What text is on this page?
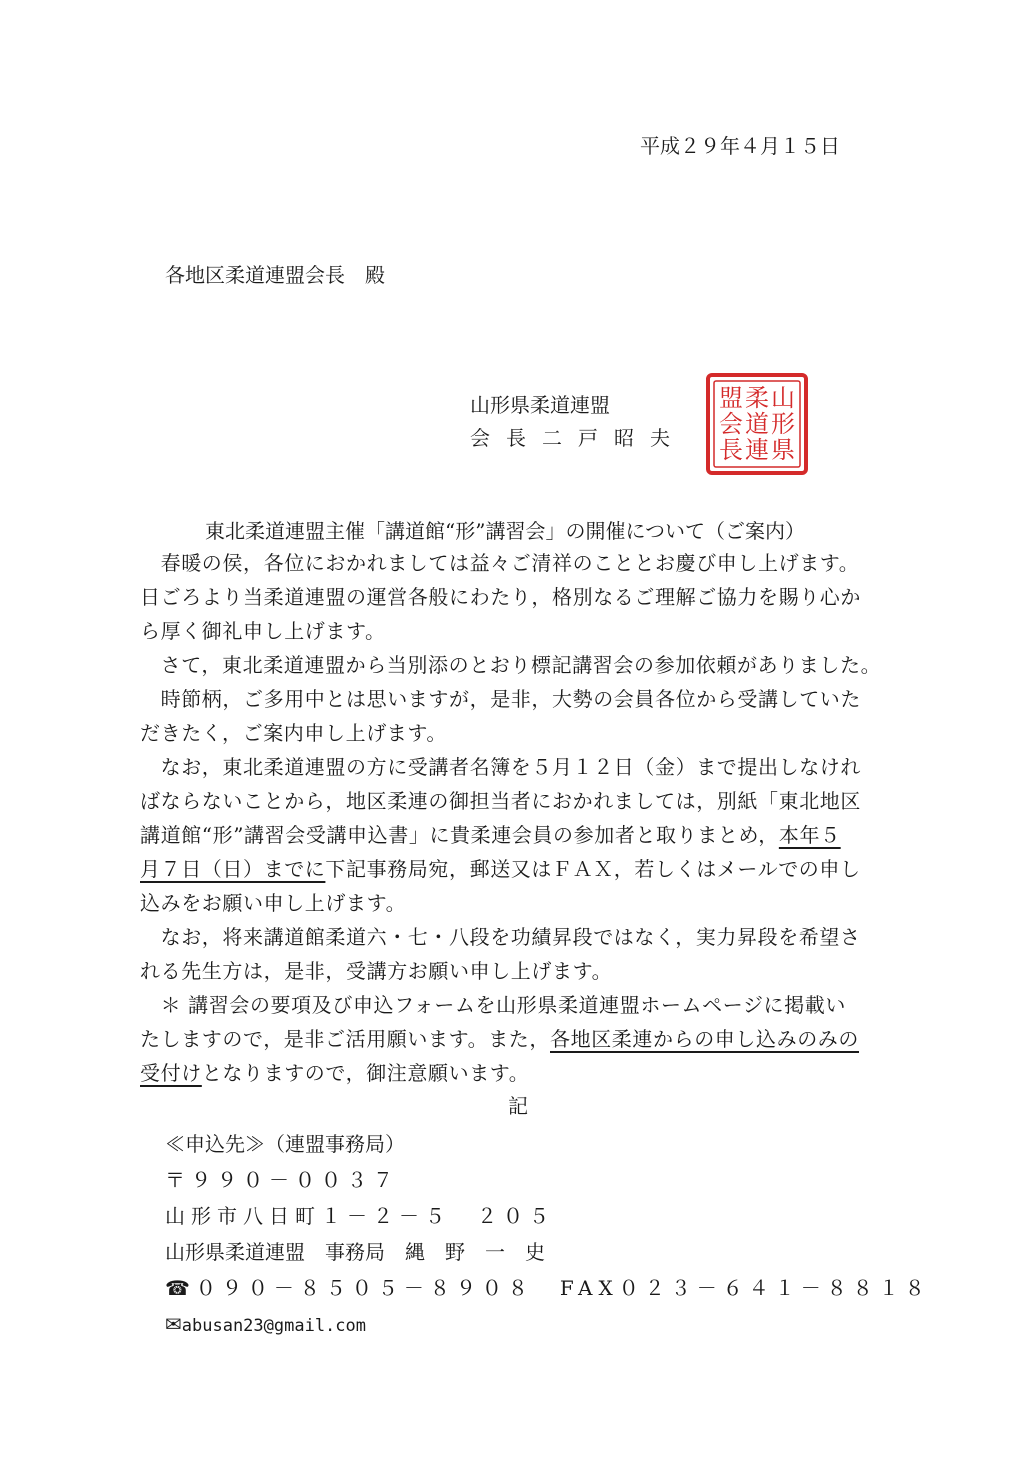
平成２９年４月１５日
各地区柔道連盟会長　殿
山形県柔道連盟
会長二戸昭夫
山
形
県
柔
道
連
盟
会
長
東北柔道連盟主催「講道館“形”講習会」の開催について（ご案内）
　春暖の侯，各位におかれましては益々ご清祥のこととお慶び申し上げます。
日ごろより当柔道連盟の運営各般にわたり，格別なるご理解ご協力を賜り心か
ら厚く御礼申し上げます。
　さて，東北柔道連盟から当別添のとおり標記講習会の参加依頼がありました。
　時節柄，ご多用中とは思いますが，是非，大勢の会員各位から受講していた
だきたく，ご案内申し上げます。
　なお，東北柔道連盟の方に受講者名簿を５月１２日（金）まで提出しなけれ
ばならないことから，地区柔連の御担当者におかれましては，別紙「東北地区
講道館“形”講習会受講申込書」に貴柔連会員の参加者と取りまとめ，本年５
月７日（日）までに下記事務局宛，郵送又はＦＡＸ，若しくはメールでの申し
込みをお願い申し上げます。
　なお，将来講道館柔道六・七・八段を功績昇段ではなく，実力昇段を希望さ
れる先生方は，是非，受講方お願い申し上げます。
　＊ 講習会の要項及び申込フォームを山形県柔道連盟ホームページに掲載い
たしますので，是非ご活用願います。また，各地区柔連からの申し込みのみの
受付けとなりますので，御注意願います。
記
≪申込先≫（連盟事務局）
〒９９０－００３７
山形市八日町１－２－５　２０５
山形県柔道連盟　事務局　縄　野　一　史
☎０９０－８５０５－８９０８　FAX０２３－６４１－８８１８
✉abusan23@gmail.com
